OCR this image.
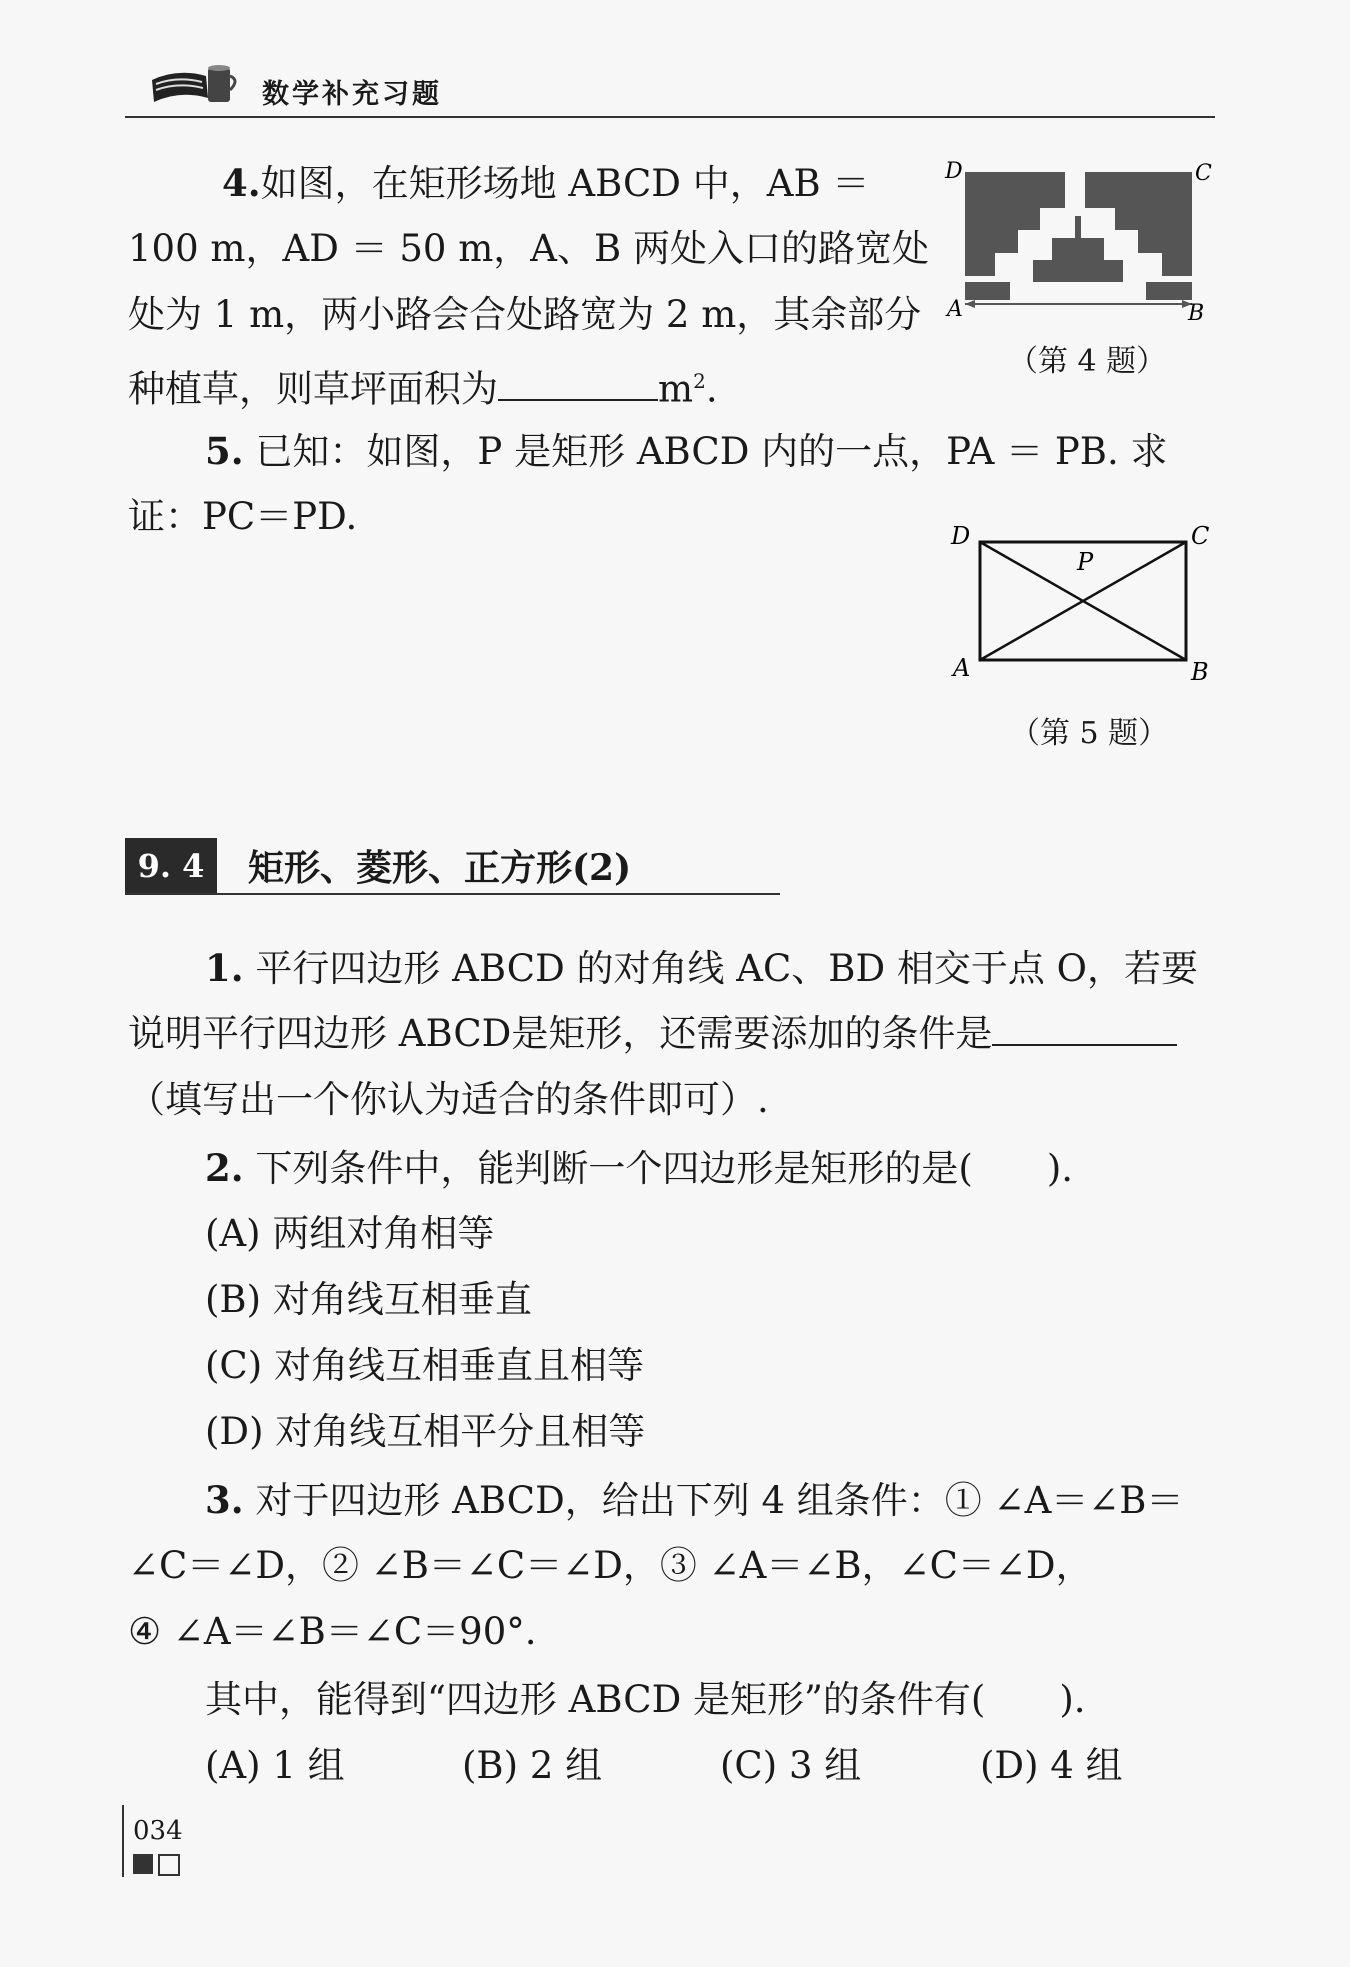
数学补充习题

4.如图，在矩形场地 ABCD 中，AB ＝

100 m，AD ＝ 50 m，A、B 两处入口的路宽处

处为 1 m，两小路会合处路宽为 2 m，其余部分

种植草，则草坪面积为	$m^2$.

D	C
A	B
（第 4 题）

5. 已知：如图，P 是矩形 ABCD 内的一点，PA ＝ PB. 求

证：PC＝PD.	D	C
P
A	B
（第 5 题）
9. 4	矩形、菱形、正方形(2)

1. 平行四边形 ABCD 的对角线 AC、BD 相交于点 O，若要

说明平行四边形 ABCD是矩形，还需要添加的条件是

（填写出一个你认为适合的条件即可）.

2. 下列条件中，能判断一个四边形是矩形的是(　　).

(A) 两组对角相等
(B) 对角线互相垂直
(C) 对角线互相垂直且相等
(D) 对角线互相平分且相等

3. 对于四边形 ABCD，给出下列 4 组条件：① ∠A＝∠B＝

∠C＝∠D，② ∠B＝∠C＝∠D，③ ∠A＝∠B，∠C＝∠D，

④ ∠A＝∠B＝∠C＝90°.

其中，能得到“四边形 ABCD 是矩形”的条件有(　　).

(A) 1 组	(B) 2 组	(C) 3 组	(D) 4 组
034
